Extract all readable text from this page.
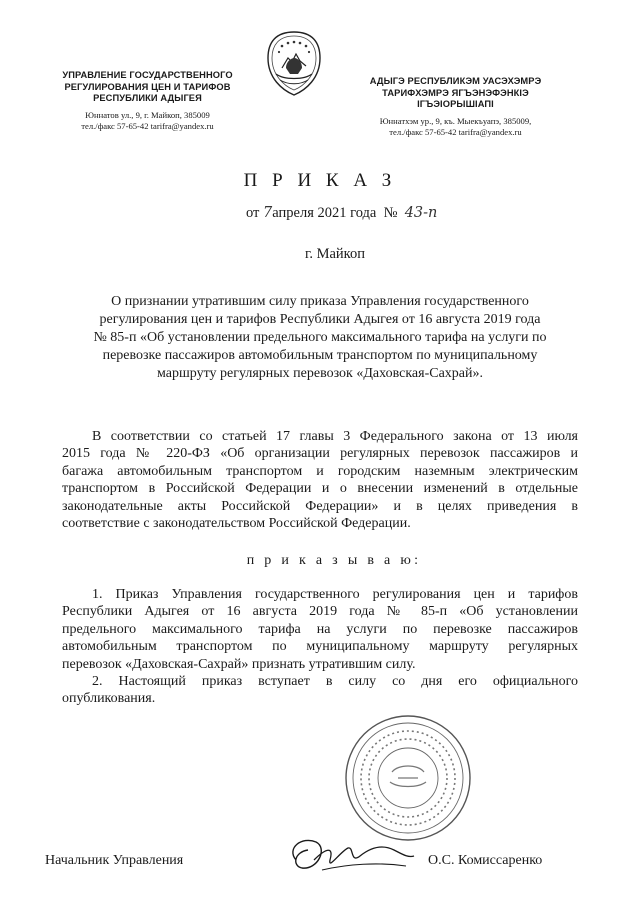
УПРАВЛЕНИЕ ГОСУДАРСТВЕННОГО
РЕГУЛИРОВАНИЯ ЦЕН И ТАРИФОВ
РЕСПУБЛИКИ АДЫГЕЯ
Юннатов ул., 9, г. Майкоп, 385009
тел./факс 57-65-42 tarifra@yandex.ru
АДЫГЭ РЕСПУБЛИКЭМ УАСЭХЭМРЭ
ТАРИФХЭМРЭ ЯГЪЭНЭФЭНКIЭ
IГЪЭIОРЫШIАПI
Юннатхэм ур., 9, къ. Мыекъуапэ, 385009,
тел./факс 57-65-42 tarifra@yandex.ru
П Р И К А З
от 7апреля 2021 года № 43-п
г. Майкоп
О признании утратившим силу приказа Управления государственного
регулирования цен и тарифов Республики Адыгея от 16 августа 2019 года
№ 85-п «Об установлении предельного максимального тарифа на услуги по
перевозке пассажиров автомобильным транспортом по муниципальному
маршруту регулярных перевозок «Даховская-Сахрай».
В соответствии со статьей 17 главы 3 Федерального закона от 13 июля
2015 года № 220-ФЗ «Об организации регулярных перевозок пассажиров и
багажа автомобильным транспортом и городским наземным электрическим
транспортом в Российской Федерации и о внесении изменений в отдельные
законодательные акты Российской Федерации» и в целях приведения в
соответствие с законодательством Российской Федерации.
п р и к а з ы в а ю:
1. Приказ Управления государственного регулирования цен и тарифов
Республики Адыгея от 16 августа 2019 года № 85-п «Об установлении
предельного максимального тарифа на услуги по перевозке пассажиров
автомобильным транспортом по муниципальному маршруту регулярных
перевозок «Даховская-Сахрай» признать утратившим силу.
2. Настоящий приказ вступает в силу со дня его официального
опубликования.
Начальник Управления	О.С. Комиссаренко
